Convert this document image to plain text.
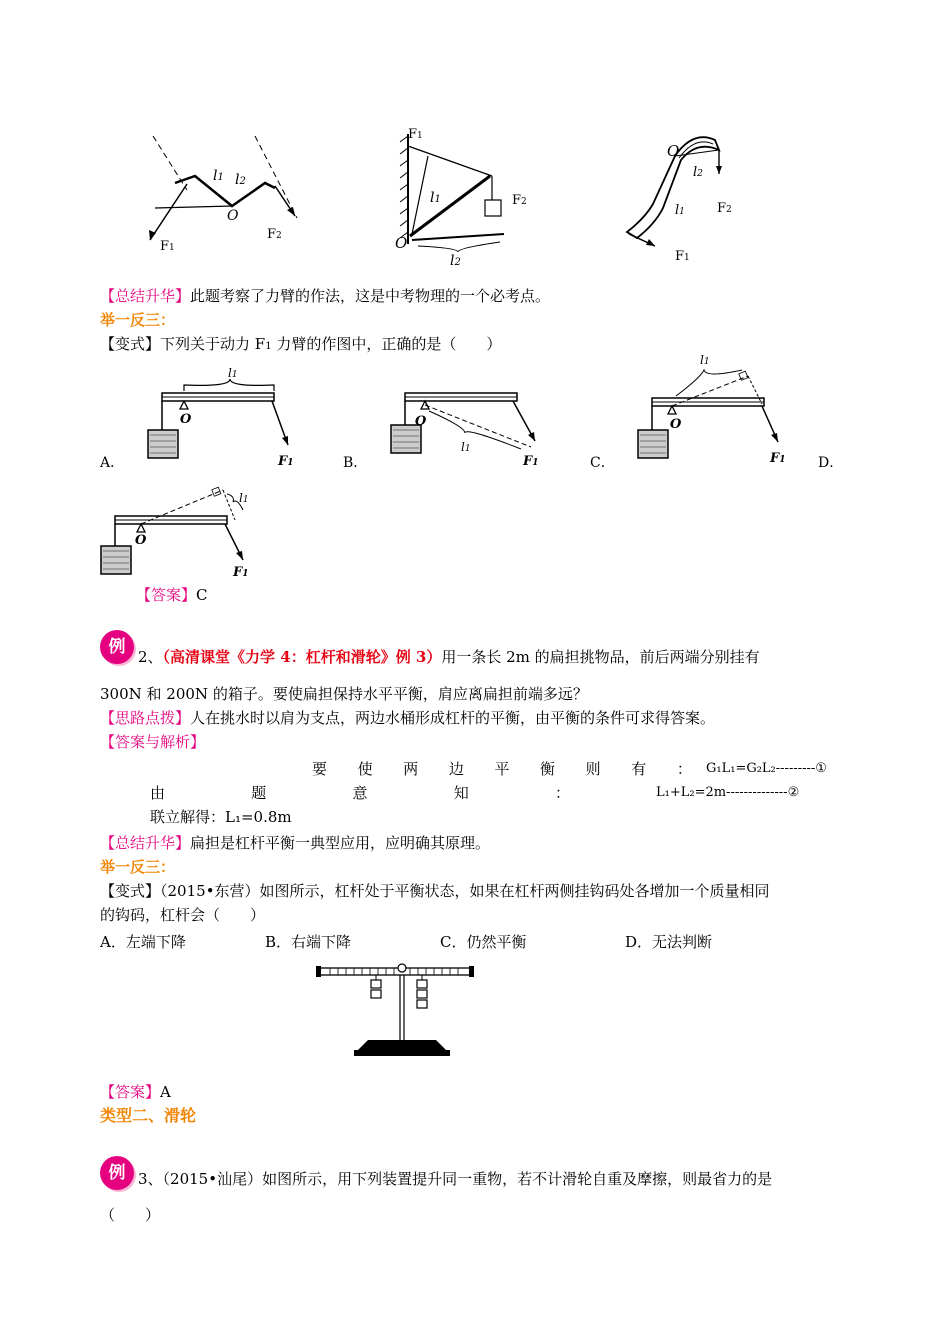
l1 l2
O
F1
F2
F1
l1	F2
O
l2
O
l2
l1 F2
F1
【总结升华】此题考察了力臂的作法，这是中考物理的一个必考点。
举一反三：
【变式】下列关于动力 F1 力臂的作图中，正确的是（　　）
O
l1
F1
A．
O
l1
F1
B．
O
l1
F1
C．	D．
O
l1
F1
【答案】C
例 2、（高清课堂《力学 4：杠杆和滑轮》例 3）用一条长 2m 的扁担挑物品，前后两端分别挂有
300N 和 200N 的箱子。要使扁担保持水平平衡，肩应离扁担前端多远？
【思路点拨】人在挑水时以肩为支点，两边水桶形成杠杆的平衡，由平衡的条件可求得答案。
【答案与解析】
要 使 两 边 平 衡 则 有 ： G₁L₁=G₂L₂---------①
由	题	意	知	：	L₁+L₂=2m--------------②
联立解得：L₁=0.8m
【总结升华】扁担是杠杆平衡一典型应用，应明确其原理。
举一反三：
【变式】（2015•东营）如图所示，杠杆处于平衡状态，如果在杠杆两侧挂钩码处各增加一个质量相同
的钩码，杠杆会（　　）
A．左端下降	B．右端下降	C．仍然平衡	D．无法判断
【答案】A
类型二、滑轮
例 3、（2015•汕尾）如图所示，用下列装置提升同一重物，若不计滑轮自重及摩擦，则最省力的是
（　　）
